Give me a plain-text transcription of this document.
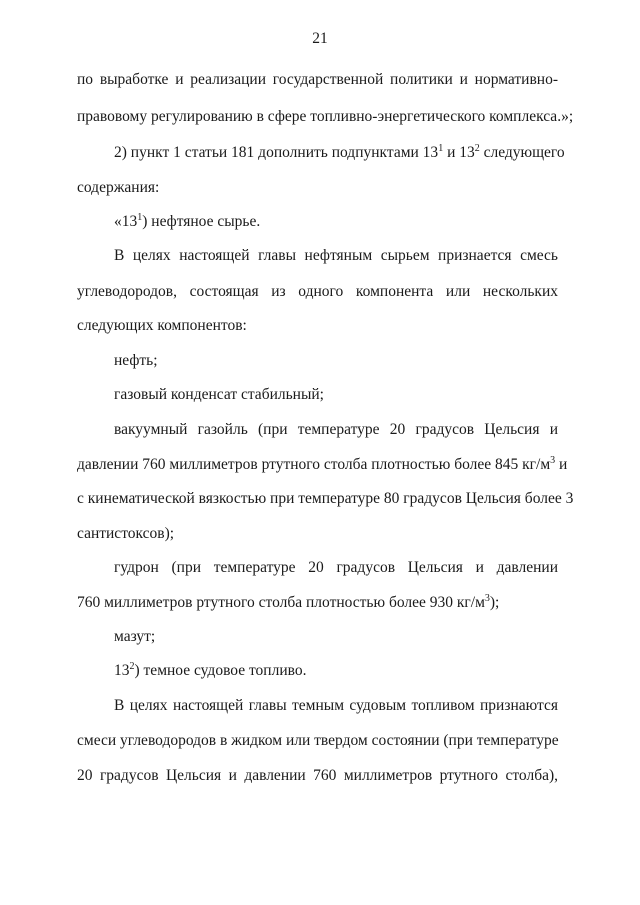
21
по выработке и реализации государственной политики и нормативно-
правовому регулированию в сфере топливно-энергетического комплекса.»;
2) пункт 1 статьи 181 дополнить подпунктами $13^1$ и $13^2$ следующего
содержания:
«$13^1$) нефтяное сырье.
В целях настоящей главы нефтяным сырьем признается смесь
углеводородов, состоящая из одного компонента или нескольких
следующих компонентов:
нефть;
газовый конденсат стабильный;
вакуумный газойль (при температуре 20 градусов Цельсия и
давлении 760 миллиметров ртутного столба плотностью более 845 $кг/м^3$ и
с кинематической вязкостью при температуре 80 градусов Цельсия более 3
сантистоксов);
гудрон (при температуре 20 градусов Цельсия и давлении
760 миллиметров ртутного столба плотностью более 930 $кг/м^3$);
мазут;
$13^2$) темное судовое топливо.
В целях настоящей главы темным судовым топливом признаются
смеси углеводородов в жидком или твердом состоянии (при температуре
20 градусов Цельсия и давлении 760 миллиметров ртутного столба),
